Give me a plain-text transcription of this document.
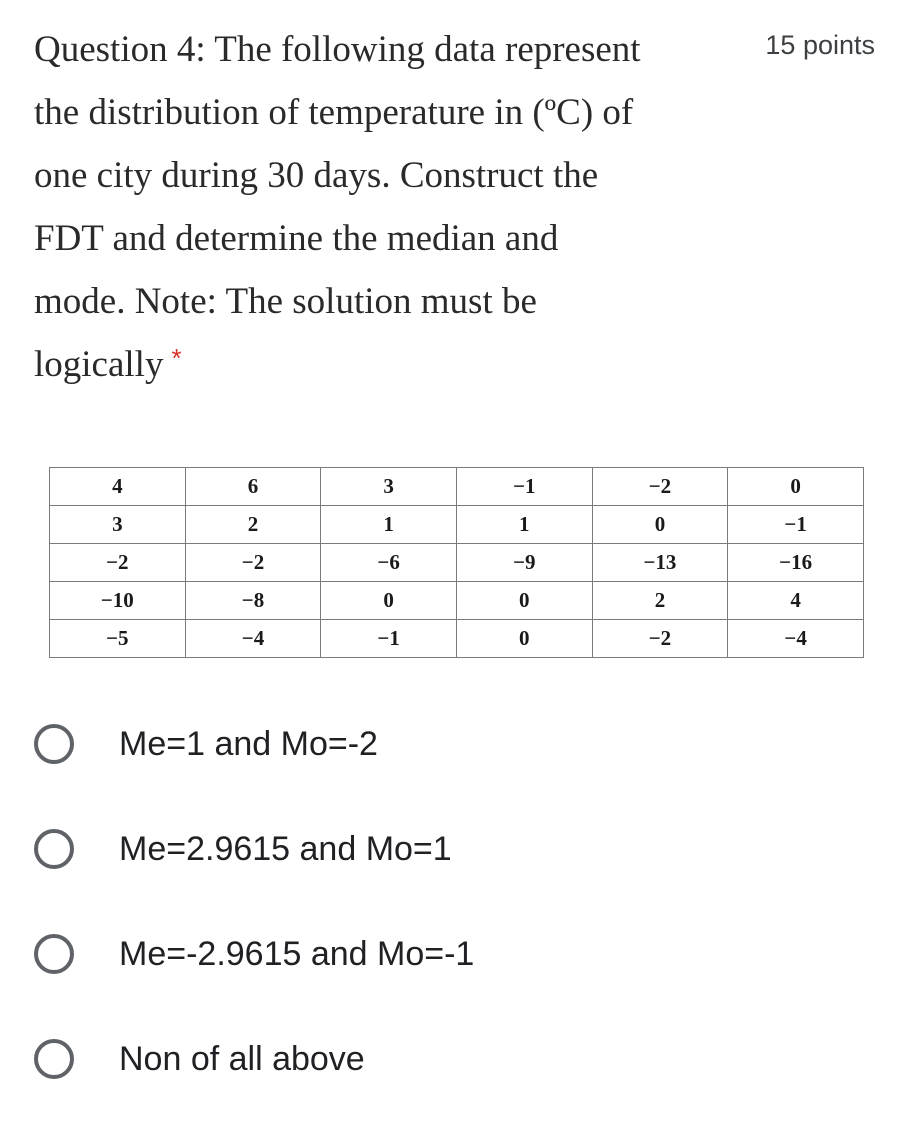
Question 4: The following data represent
the distribution of temperature in (ºC) of
one city during 30 days. Construct the
FDT and determine the median and
mode. Note: The solution must be
logically *
15 points
4	6	3	−1	−2	0
3	2	1	1	0	−1
−2	−2	−6	−9	−13	−16
−10	−8	0	0	2	4
−5	−4	−1	0	−2	−4
Me=1 and Mo=-2
Me=2.9615 and Mo=1
Me=-2.9615 and Mo=-1
Non of all above
